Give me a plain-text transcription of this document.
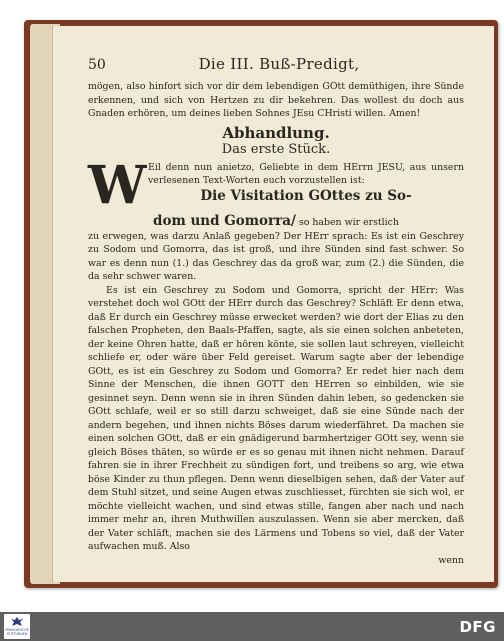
50	Die III. Buß-Predigt,

mögen, also hinfort sich vor dir dem lebendigen GOtt demüthigen, ihre Sünde erkennen, und sich von Hertzen zu dir bekehren. Das wollest du doch aus Gnaden erhören, um deines lieben Sohnes JEsu CHristi willen. Amen!

Abhandlung.
Das erste Stück.
W Eil denn nun anietzo, Geliebte in dem HErrn JESU, aus unsern verlesenen Text-Worten euch vorzustellen ist:

Die Visitation GOttes zu So-
dom und Gomorra/ so haben wir erstlich

zu erwegen, was darzu Anlaß gegeben? Der HErr sprach: Es ist ein Geschrey zu Sodom und Gomorra, das ist groß, und ihre Sünden sind fast schwer. So war es denn nun (1.) das Geschrey das da groß war, zum (2.) die Sünden, die da sehr schwer waren.

Es ist ein Geschrey zu Sodom und Gomorra, spricht der HErr: Was verstehet doch wol GOtt der HErr durch das Geschrey? Schläft Er denn etwa, daß Er durch ein Geschrey müsse erwecket werden? wie dort der Elias zu den falschen Propheten, den Baals-Pfaffen, sagte, als sie einen solchen anbeteten, der keine Ohren hatte, daß er hören könte, sie sollen laut schreyen, vielleicht schliefe er, oder wäre über Feld gereiset. Warum sagte aber der lebendige GOtt, es ist ein Geschrey zu Sodom und Gomorra? Er redet hier nach dem Sinne der Menschen, die ihnen GOTT den HErren so einbilden, wie sie gesinnet seyn. Denn wenn sie in ihren Sünden dahin leben, so gedencken sie GOtt schlafe, weil er so still darzu schweiget, daß sie eine Sünde nach der andern begehen, und ihnen nichts Böses darum wiederfähret. Da machen sie einen solchen GOtt, daß er ein gnädigerund barmhertziger GOtt sey, wenn sie gleich Böses thäten, so würde er es so genau mit ihnen nicht nehmen. Darauf fahren sie in ihrer Frechheit zu sündigen fort, und treibens so arg, wie etwa böse Kinder zu thun pflegen. Denn wenn dieselbigen sehen, daß der Vater auf dem Stuhl sitzet, und seine Augen etwas zuschliesset, fürchten sie sich wol, er möchte vielleicht wachen, und sind etwas stille, fangen aber nach und nach immer mehr an, ihren Muthwillen auszulassen. Wenn sie aber mercken, daß der Vater schläft, machen sie des Lärmens und Tobens so viel, daß der Vater aufwachen muß. Also

wenn
FRANCKESCHE STIFTUNGEN	DFG
